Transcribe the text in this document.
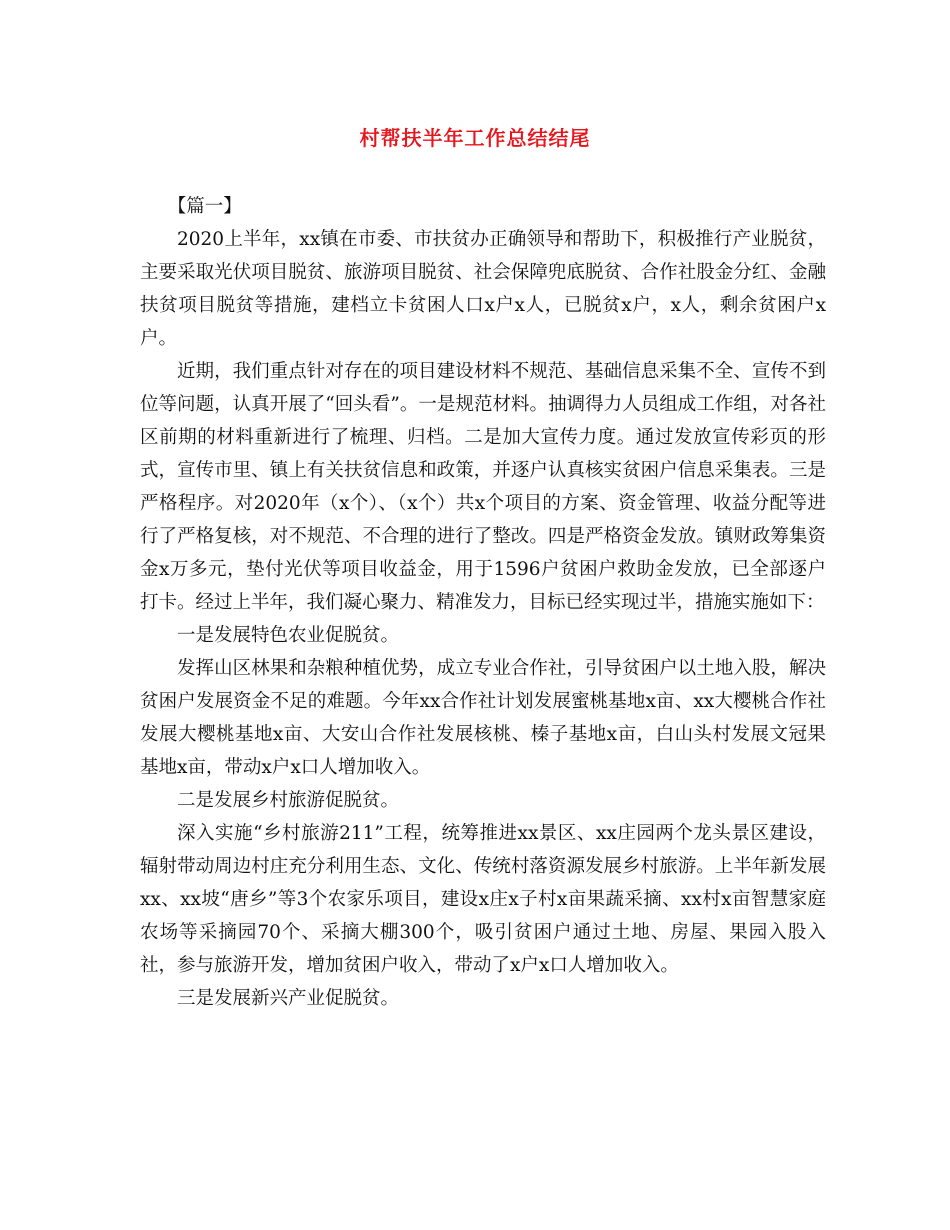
村帮扶半年工作总结结尾

【篇一】

2020上半年，xx镇在市委、市扶贫办正确领导和帮助下，积极推行产业脱贫，主要采取光伏项目脱贫、旅游项目脱贫、社会保障兜底脱贫、合作社股金分红、金融扶贫项目脱贫等措施，建档立卡贫困人口x户x人，已脱贫x户，x人，剩余贫困户x户。

近期，我们重点针对存在的项目建设材料不规范、基础信息采集不全、宣传不到位等问题，认真开展了“回头看”。一是规范材料。抽调得力人员组成工作组，对各社区前期的材料重新进行了梳理、归档。二是加大宣传力度。通过发放宣传彩页的形式，宣传市里、镇上有关扶贫信息和政策，并逐户认真核实贫困户信息采集表。三是严格程序。对2020年（x个）、（x个）共x个项目的方案、资金管理、收益分配等进行了严格复核，对不规范、不合理的进行了整改。四是严格资金发放。镇财政筹集资金x万多元，垫付光伏等项目收益金，用于1596户贫困户救助金发放，已全部逐户打卡。经过上半年，我们凝心聚力、精准发力，目标已经实现过半，措施实施如下：

一是发展特色农业促脱贫。

发挥山区林果和杂粮种植优势，成立专业合作社，引导贫困户以土地入股，解决贫困户发展资金不足的难题。今年xx合作社计划发展蜜桃基地x亩、xx大樱桃合作社发展大樱桃基地x亩、大安山合作社发展核桃、榛子基地x亩，白山头村发展文冠果基地x亩，带动x户x口人增加收入。

二是发展乡村旅游促脱贫。

深入实施“乡村旅游211”工程，统筹推进xx景区、xx庄园两个龙头景区建设，辐射带动周边村庄充分利用生态、文化、传统村落资源发展乡村旅游。上半年新发展xx、xx坡“唐乡”等3个农家乐项目，建设x庄x子村x亩果蔬采摘、xx村x亩智慧家庭农场等采摘园70个、采摘大棚300个，吸引贫困户通过土地、房屋、果园入股入社，参与旅游开发，增加贫困户收入，带动了x户x口人增加收入。

三是发展新兴产业促脱贫。
